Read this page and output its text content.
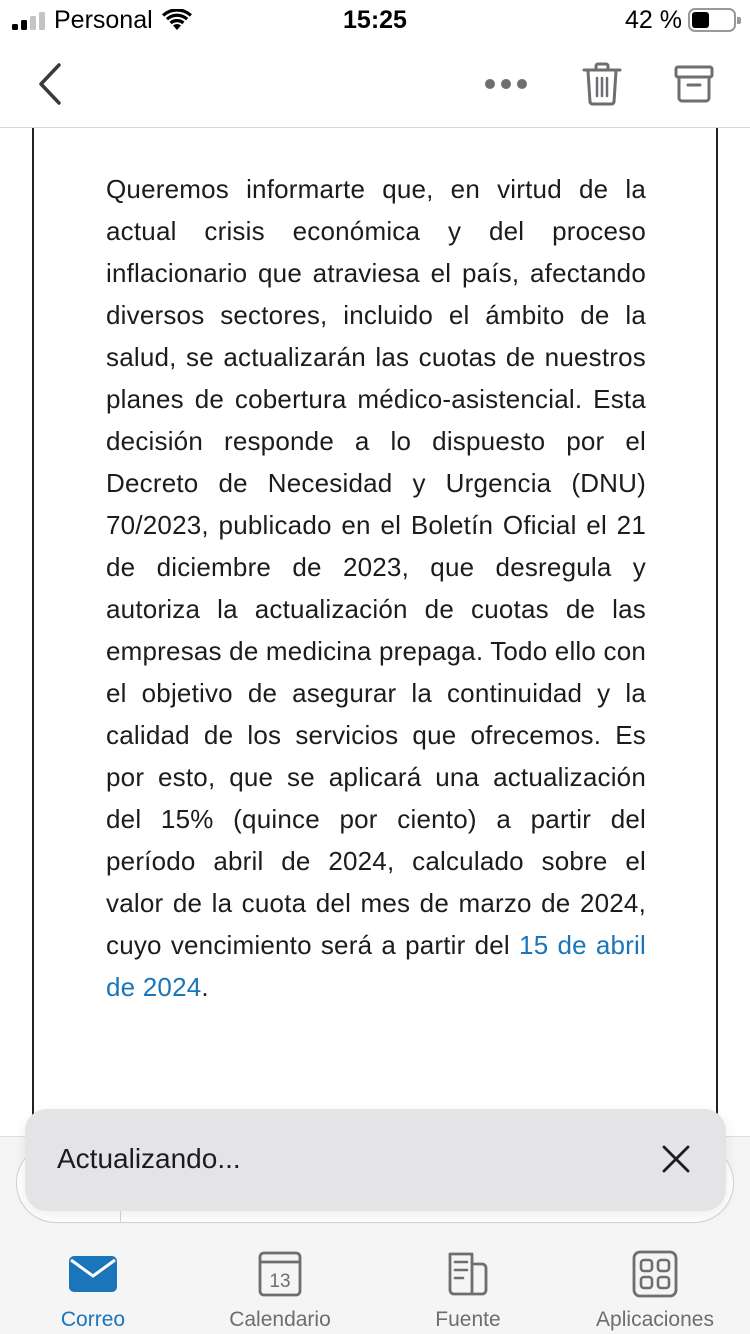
Personal	15:25	42 %

Queremos informarte que, en virtud de la actual crisis económica y del proceso inflacionario que atraviesa el país, afectando diversos sectores, incluido el ámbito de la salud, se actualizarán las cuotas de nuestros planes de cobertura médico-asistencial. Esta decisión responde a lo dispuesto por el Decreto de Necesidad y Urgencia (DNU) 70/2023, publicado en el Boletín Oficial el 21 de diciembre de 2023, que desregula y autoriza la actualización de cuotas de las empresas de medicina prepaga. Todo ello con el objetivo de asegurar la continuidad y la calidad de los servicios que ofrecemos. Es por esto, que se aplicará una actualización del 15% (quince por ciento) a partir del período abril de 2024, calculado sobre el valor de la cuota del mes de marzo de 2024, cuyo vencimiento será a partir del 15 de abril de 2024.

Actualizando...
Correo
13
Calendario	Fuente	Aplicaciones
